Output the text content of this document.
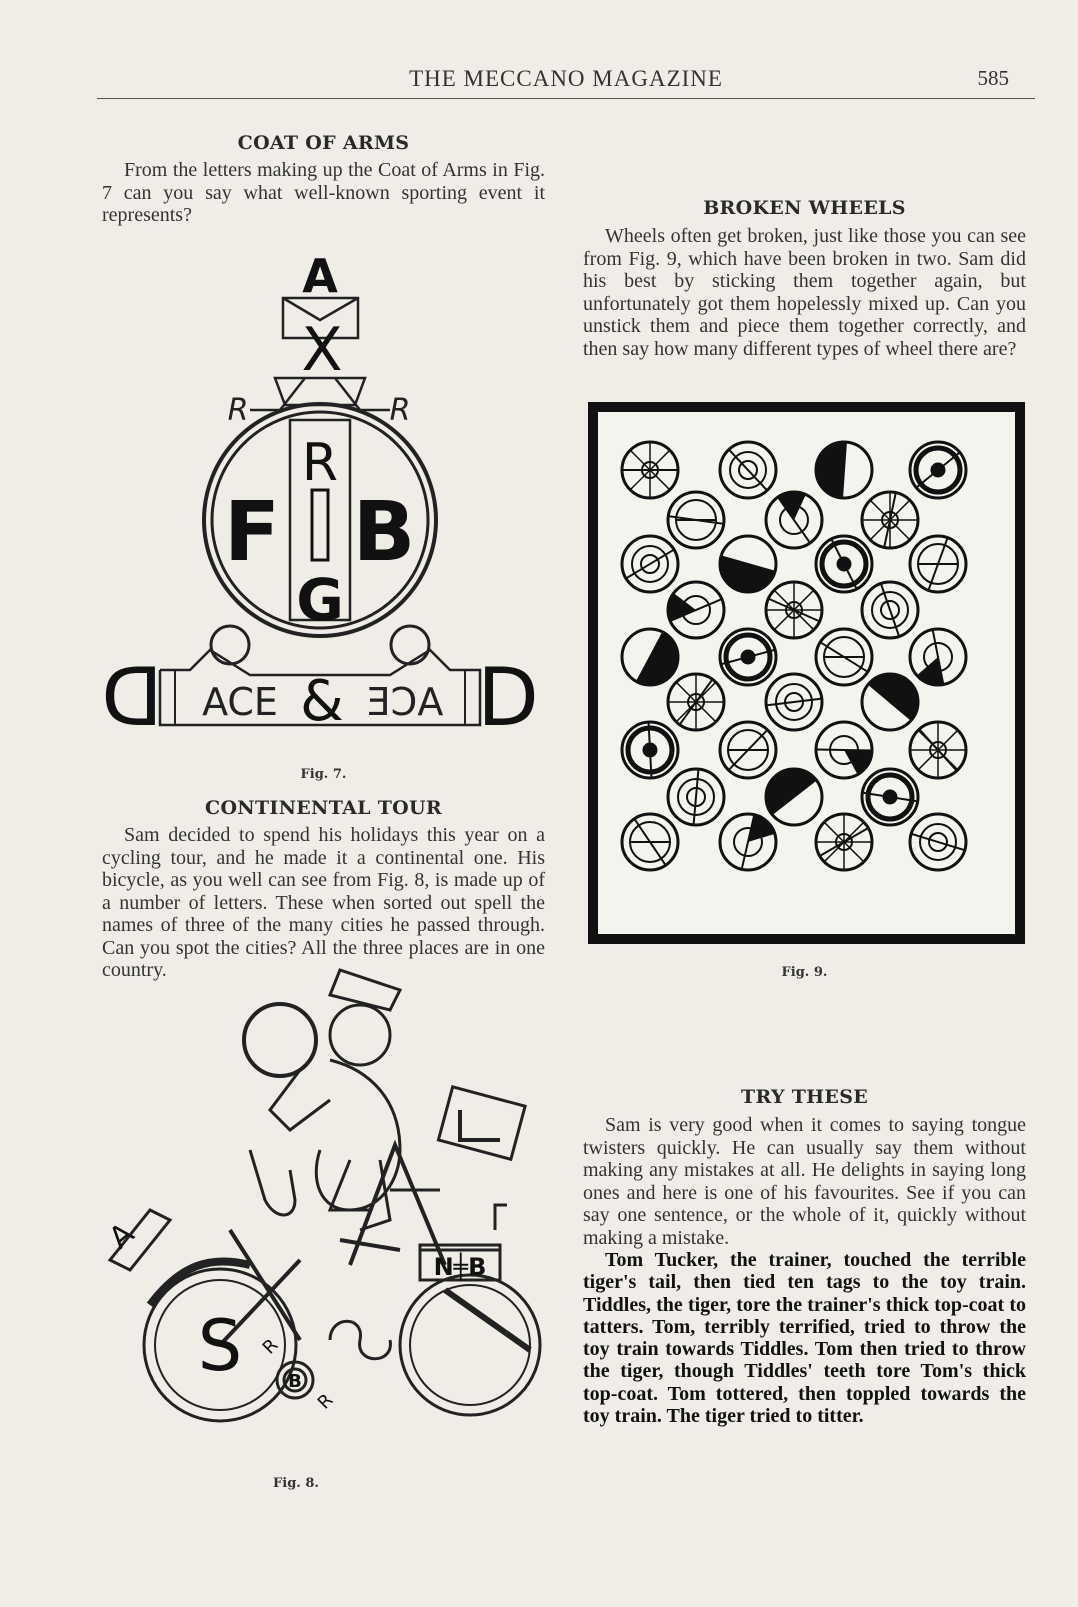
THE MECCANO MAGAZINE	585
COAT OF ARMS

From the letters making up the Coat of Arms in Fig. 7 can you say what well-known sporting event it represents?

A
X
R	R
R
F B
G
ACE & ƎƆA
ᗡ	D
Fig. 7.
CONTINENTAL TOUR

Sam decided to spend his holidays this year on a cycling tour, and he made it a continental one. His bicycle, as you well can see from Fig. 8, is made up of a number of letters. These when sorted out spell the names of three of the many cities he passed through. Can you spot the cities? All the three places are in one country.

A
N╪B
S	B
R
R
Fig. 8.
BROKEN WHEELS

Wheels often get broken, just like those you can see from Fig. 9, which have been broken in two. Sam did his best by sticking them together again, but unfortunately got them hopelessly mixed up. Can you unstick them and piece them together correctly, and then say how many different types of wheel there are?

Fig. 9.
TRY THESE

Sam is very good when it comes to saying tongue twisters quickly. He can usually say them without making any mistakes at all. He delights in saying long ones and here is one of his favourites. See if you can say one sentence, or the whole of it, quickly without making a mistake.

Tom Tucker, the trainer, touched the terrible tiger's tail, then tied ten tags to the toy train. Tiddles, the tiger, tore the trainer's thick top-coat to tatters. Tom, terribly terrified, tried to throw the toy train towards Tiddles. Tom then tried to throw the tiger, though Tiddles' teeth tore Tom's thick top-coat. Tom tottered, then toppled towards the toy train. The tiger tried to titter.
